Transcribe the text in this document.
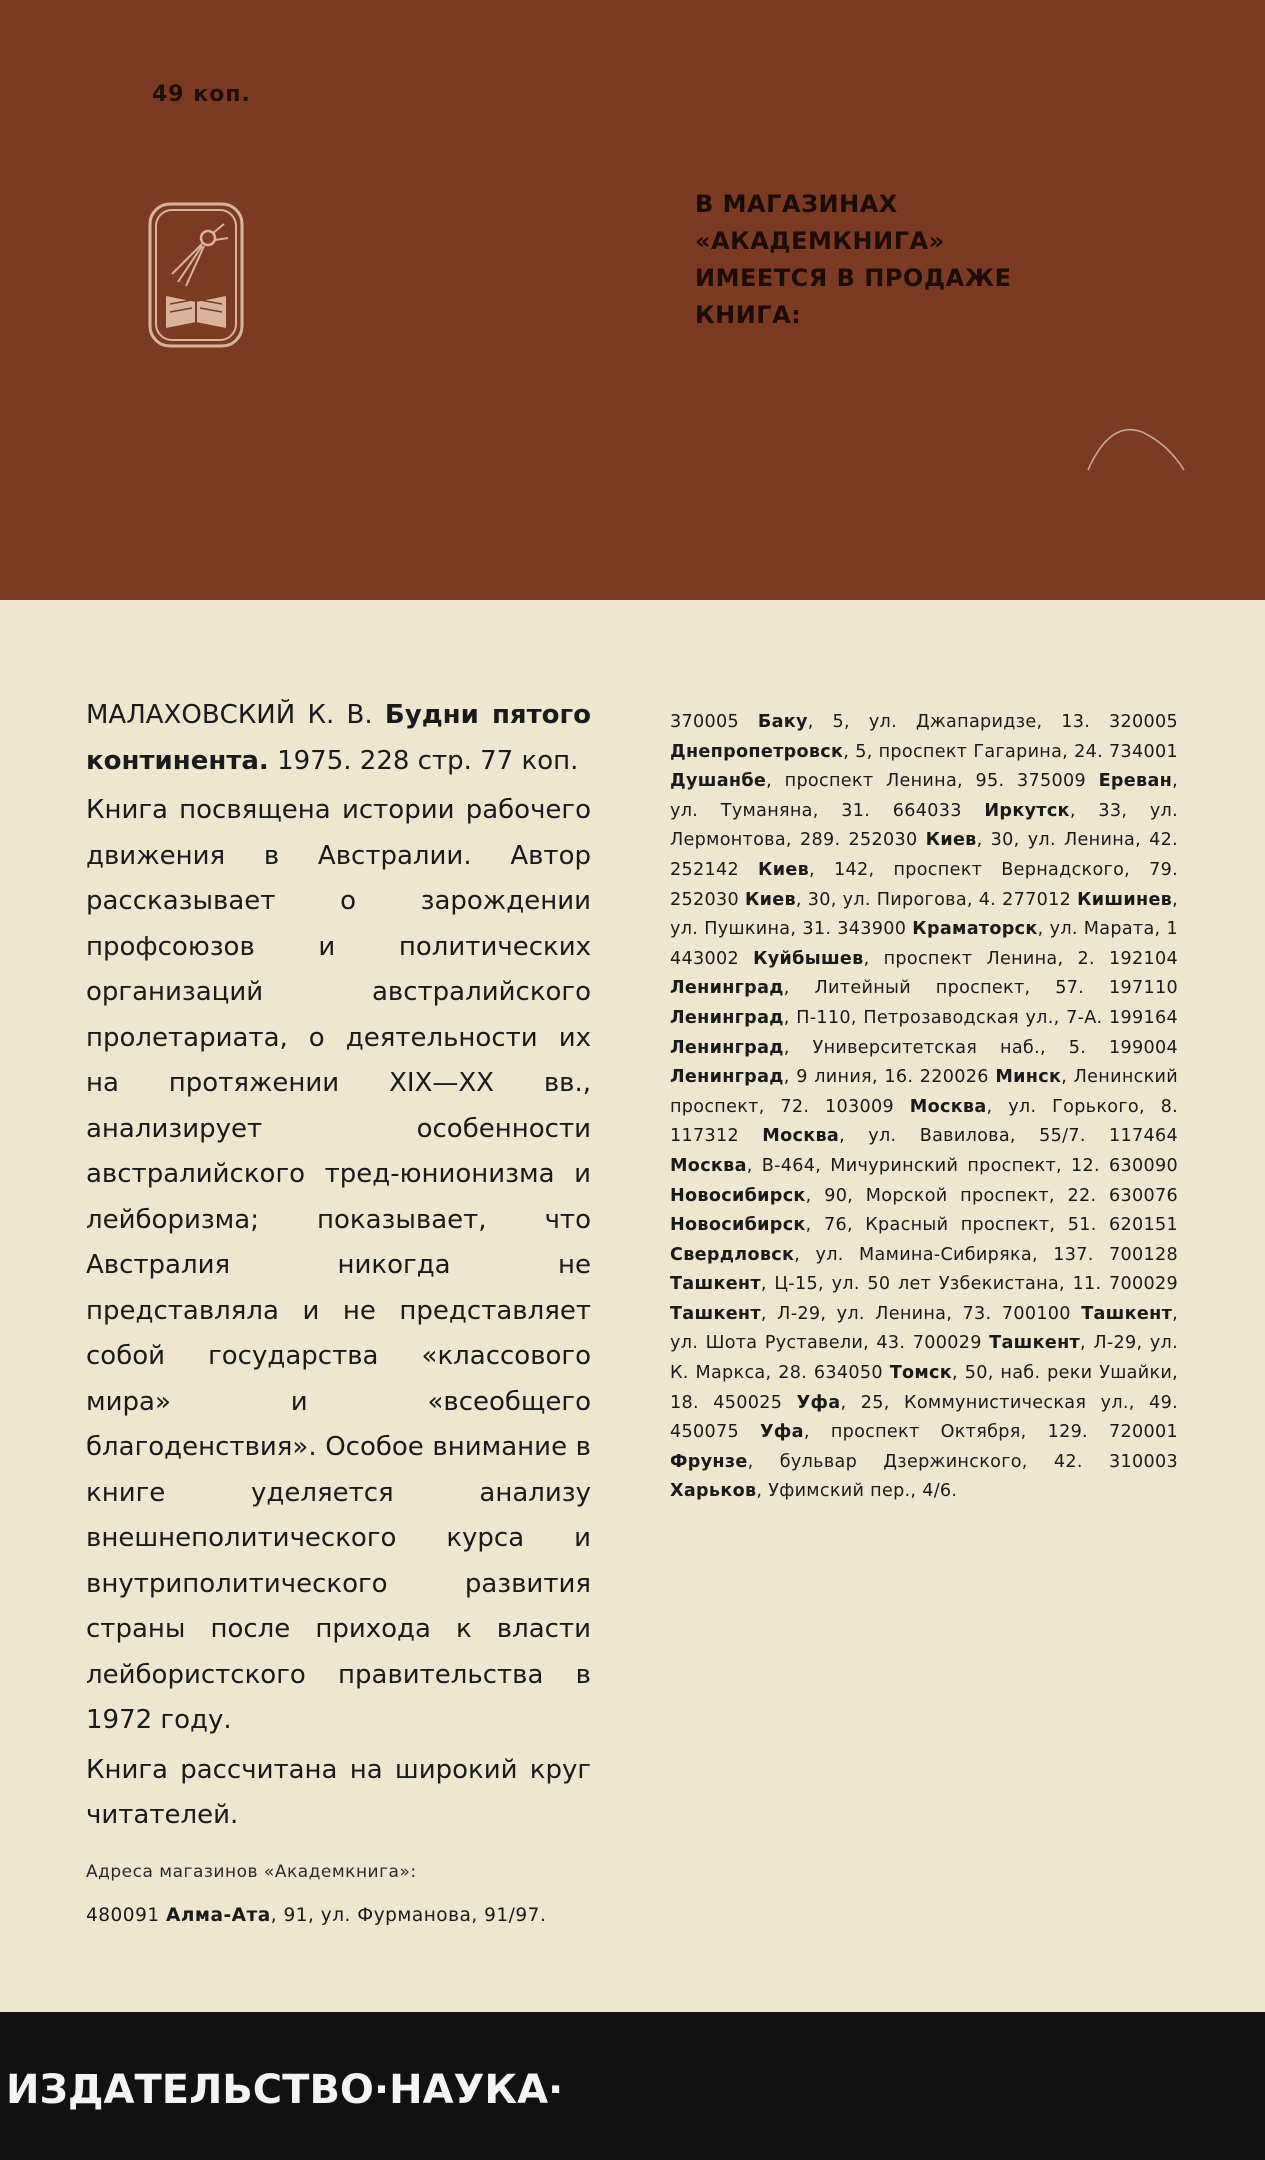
49 коп.
В МАГАЗИНАХ
«АКАДЕМКНИГА»
ИМЕЕТСЯ В ПРОДАЖЕ
КНИГА:

МАЛАХОВСКИЙ К. В. Будни пятого континента. 1975. 228 стр. 77 коп.

Книга посвящена истории рабочего движения в Австралии. Автор рассказывает о зарождении профсоюзов и политических организаций австралийского пролетариата, о деятельности их на протяжении XIX—XX вв., анализирует особенности австралийского тред-юнионизма и лейборизма; показывает, что Австралия никогда не представляла и не представляет собой государства «классового мира» и «всеобщего благоденствия». Особое внимание в книге уделяется анализу внешнеполитического курса и внутриполитического развития страны после прихода к власти лейбористского правительства в 1972 году.

Книга рассчитана на широкий круг читателей.

Адреса магазинов «Академкнига»:
480091 Алма-Ата, 91, ул. Фурманова, 91/97.
370005 Баку, 5, ул. Джапаридзе, 13. 320005 Днепропетровск, 5, проспект Гагарина, 24. 734001 Душанбе, проспект Ленина, 95. 375009 Ереван, ул. Туманяна, 31. 664033 Иркутск, 33, ул. Лермонтова, 289. 252030 Киев, 30, ул. Ленина, 42. 252142 Киев, 142, проспект Вернадского, 79. 252030 Киев, 30, ул. Пирогова, 4. 277012 Кишинев, ул. Пушкина, 31. 343900 Краматорск, ул. Марата, 1 443002 Куйбышев, проспект Ленина, 2. 192104 Ленинград, Литейный проспект, 57. 197110 Ленинград, П-110, Петрозаводская ул., 7-А. 199164 Ленинград, Университетская наб., 5. 199004 Ленинград, 9 линия, 16. 220026 Минск, Ленинский проспект, 72. 103009 Москва, ул. Горького, 8. 117312 Москва, ул. Вавилова, 55/7. 117464 Москва, В-464, Мичуринский проспект, 12. 630090 Новосибирск, 90, Морской проспект, 22. 630076 Новосибирск, 76, Красный проспект, 51. 620151 Свердловск, ул. Мамина-Сибиряка, 137. 700128 Ташкент, Ц-15, ул. 50 лет Узбекистана, 11. 700029 Ташкент, Л-29, ул. Ленина, 73. 700100 Ташкент, ул. Шота Руставели, 43. 700029 Ташкент, Л-29, ул. К. Маркса, 28. 634050 Томск, 50, наб. реки Ушайки, 18. 450025 Уфа, 25, Коммунистическая ул., 49. 450075 Уфа, проспект Октября, 129. 720001 Фрунзе, бульвар Дзержинского, 42. 310003 Харьков, Уфимский пер., 4/6.
ИЗДАТЕЛЬСТВО·НАУКА·
